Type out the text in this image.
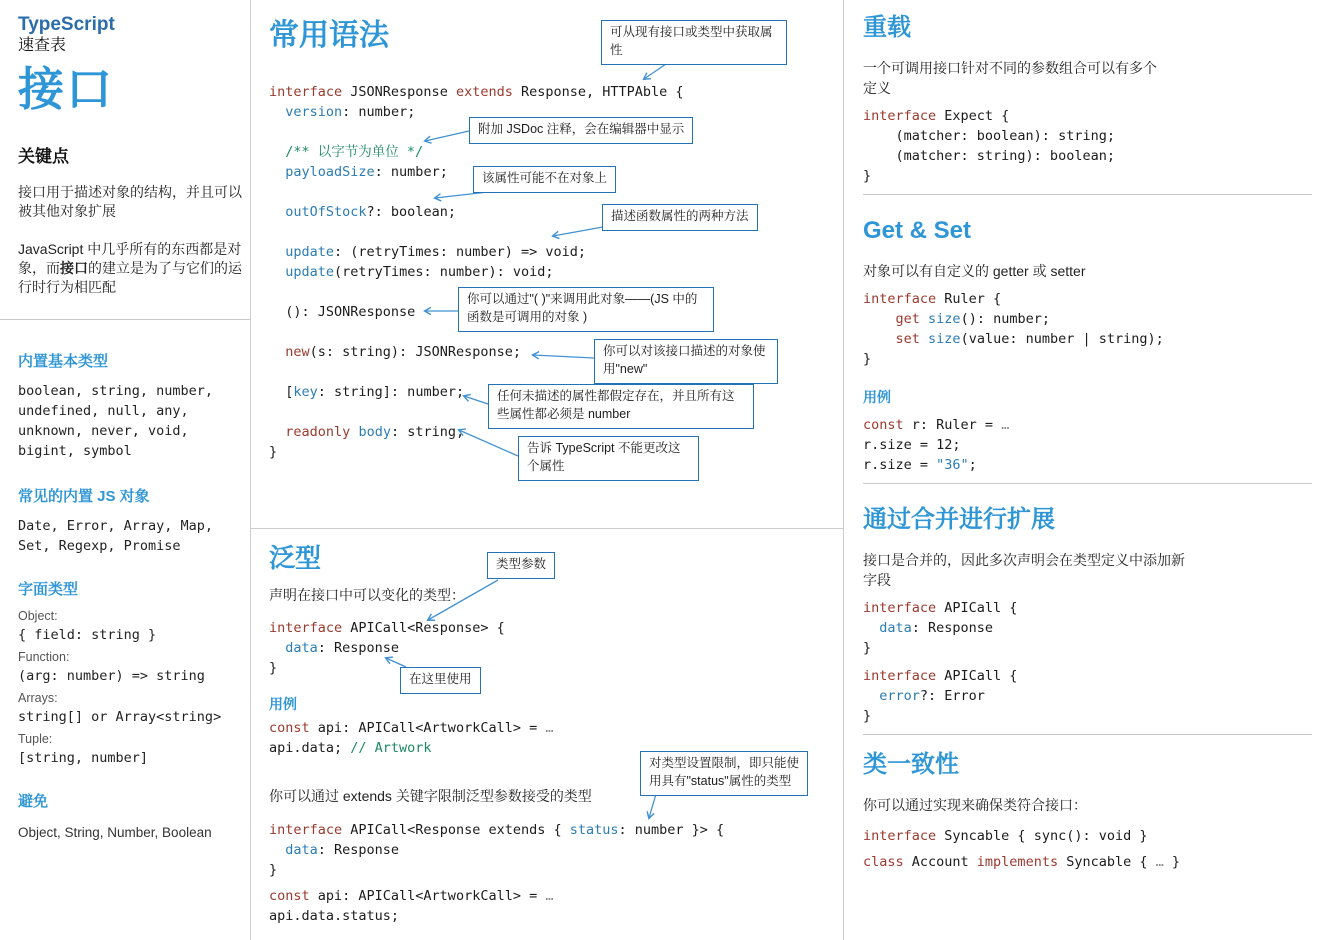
TypeScript
速查表
接口
关键点

接口用于描述对象的结构，并且可以被其他对象扩展

JavaScript 中几乎所有的东西都是对象，而接口的建立是为了与它们的运行时行为相匹配

内置基本类型
boolean, string, number,
undefined, null, any,
unknown, never, void,
bigint, symbol
常见的内置 JS 对象
Date, Error, Array, Map,
Set, Regexp, Promise
字面类型
Object:
{ field: string }
Function:
(arg: number) => string
Arrays:
string[] or Array<string>
Tuple:
[string, number]
避免
Object, String, Number, Boolean
常用语法
interface JSONResponse extends Response, HTTPAble {
version: number;

/** 以字节为单位 */
payloadSize: number;

outOfStock?: boolean;

update: (retryTimes: number) => void;
update(retryTimes: number): void;

(): JSONResponse

new(s: string): JSONResponse;

[key: string]: number;

readonly body: string;
}
泛型
声明在接口中可以变化的类型：
interface APICall<Response> {
data: Response
}
用例
const api: APICall<ArtworkCall> = …
api.data; // Artwork
你可以通过 extends 关键字限制泛型参数接受的类型
interface APICall<Response extends { status: number }> {
data: Response
}
const api: APICall<ArtworkCall> = …
api.data.status;
可从现有接口或类型中获取属性
附加 JSDoc 注释，会在编辑器中显示
该属性可能不在对象上
描述函数属性的两种方法
你可以通过"( )"来调用此对象——(JS 中的函数是可调用的对象 )
你可以对该接口描述的对象使用"new"
任何未描述的属性都假定存在，并且所有这些属性都必须是 number
告诉 TypeScript 不能更改这个属性
类型参数
在这里使用
对类型设置限制，即只能使用具有"status"属性的类型
重载

一个可调用接口针对不同的参数组合可以有多个定义

interface Expect {
(matcher: boolean): string;
(matcher: string): boolean;
}
Get & Set

对象可以有自定义的 getter 或 setter

interface Ruler {
get size(): number;
set size(value: number | string);
}
用例
const r: Ruler = …
r.size = 12;
r.size = "36";
通过合并进行扩展

接口是合并的，因此多次声明会在类型定义中添加新字段

interface APICall {
data: Response
}
interface APICall {
error?: Error
}
类一致性

你可以通过实现来确保类符合接口：

interface Syncable { sync(): void }
class Account implements Syncable { … }
